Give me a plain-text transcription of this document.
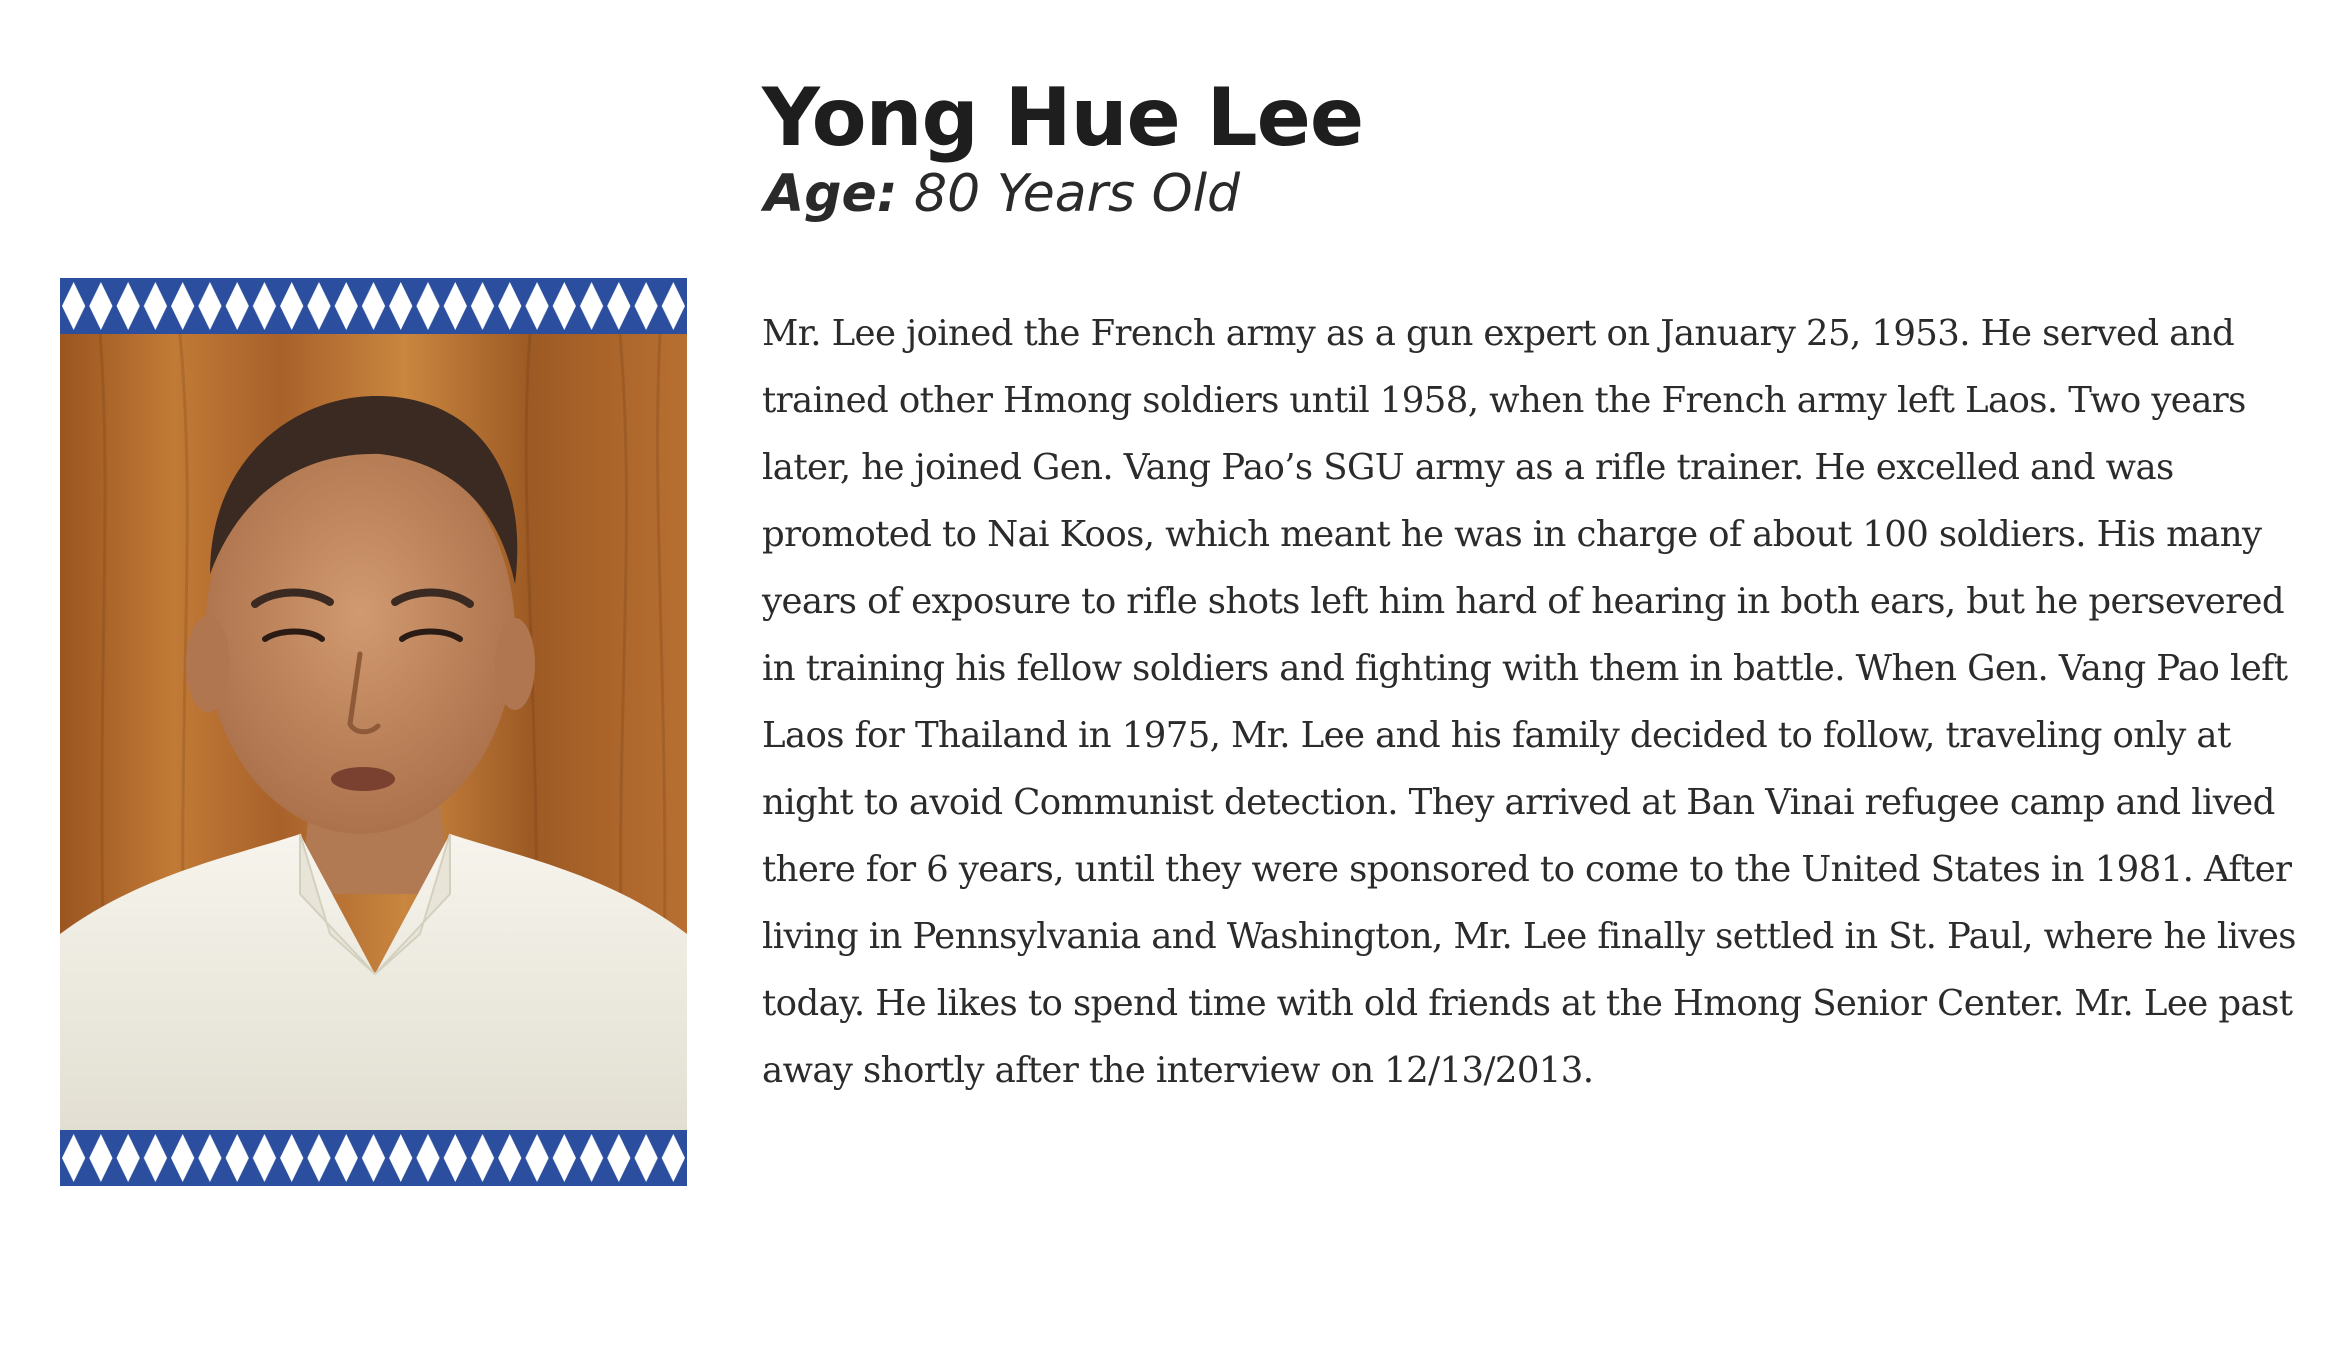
Yong Hue Lee
Age: 80 Years Old

Mr. Lee joined the French army as a gun expert on January 25, 1953. He served and trained other Hmong soldiers until 1958, when the French army left Laos. Two years later, he joined Gen. Vang Pao’s SGU army as a rifle trainer. He excelled and was promoted to Nai Koos, which meant he was in charge of about 100 soldiers. His many years of exposure to rifle shots left him hard of hearing in both ears, but he persevered in training his fellow soldiers and fighting with them in battle. When Gen. Vang Pao left Laos for Thailand in 1975, Mr. Lee and his family decided to follow, traveling only at night to avoid Communist detection. They arrived at Ban Vinai refugee camp and lived there for 6 years, until they were sponsored to come to the United States in 1981. After living in Pennsylvania and Washington, Mr. Lee finally settled in St. Paul, where he lives today. He likes to spend time with old friends at the Hmong Senior Center. Mr. Lee past away shortly after the interview on 12/13/2013.
